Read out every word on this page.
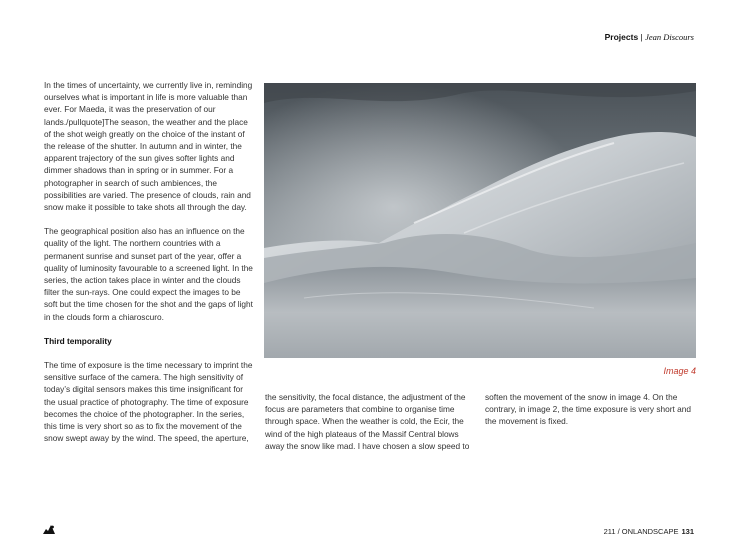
Projects | Jean Discours

In the times of uncertainty, we currently live in, reminding ourselves what is important in life is more valuable than ever. For Maeda, it was the preservation of our lands./pullquote]The season, the weather and the place of the shot weigh greatly on the choice of the instant of the release of the shutter. In autumn and in winter, the apparent trajectory of the sun gives softer lights and dimmer shadows than in spring or in summer. For a photographer in search of such ambiences, the possibilities are varied. The presence of clouds, rain and snow make it possible to take shots all through the day.

The geographical position also has an influence on the quality of the light. The northern countries with a permanent sunrise and sunset part of the year, offer a quality of luminosity favourable to a screened light. In the series, the action takes place in winter and the clouds filter the sun-rays. One could expect the images to be soft but the time chosen for the shot and the gaps of light in the clouds form a chiaroscuro.

Third temporality

The time of exposure is the time necessary to imprint the sensitive surface of the camera. The high sensitivity of today’s digital sensors makes this time insignificant for the usual practice of photography. The time of exposure becomes the choice of the photographer. In the series, this time is very short so as to fix the movement of the snow swept away by the wind. The speed, the aperture,

Image 4

the sensitivity, the focal distance, the adjustment of the focus are parameters that combine to organise time through space. When the weather is cold, the Ecir, the wind of the high plateaus of the Massif Central blows away the snow like mad. I have chosen a slow speed to

soften the movement of the snow in image 4. On the contrary, in image 2, the time exposure is very short and the movement is fixed.

211 / ONLANDSCAPE 131
